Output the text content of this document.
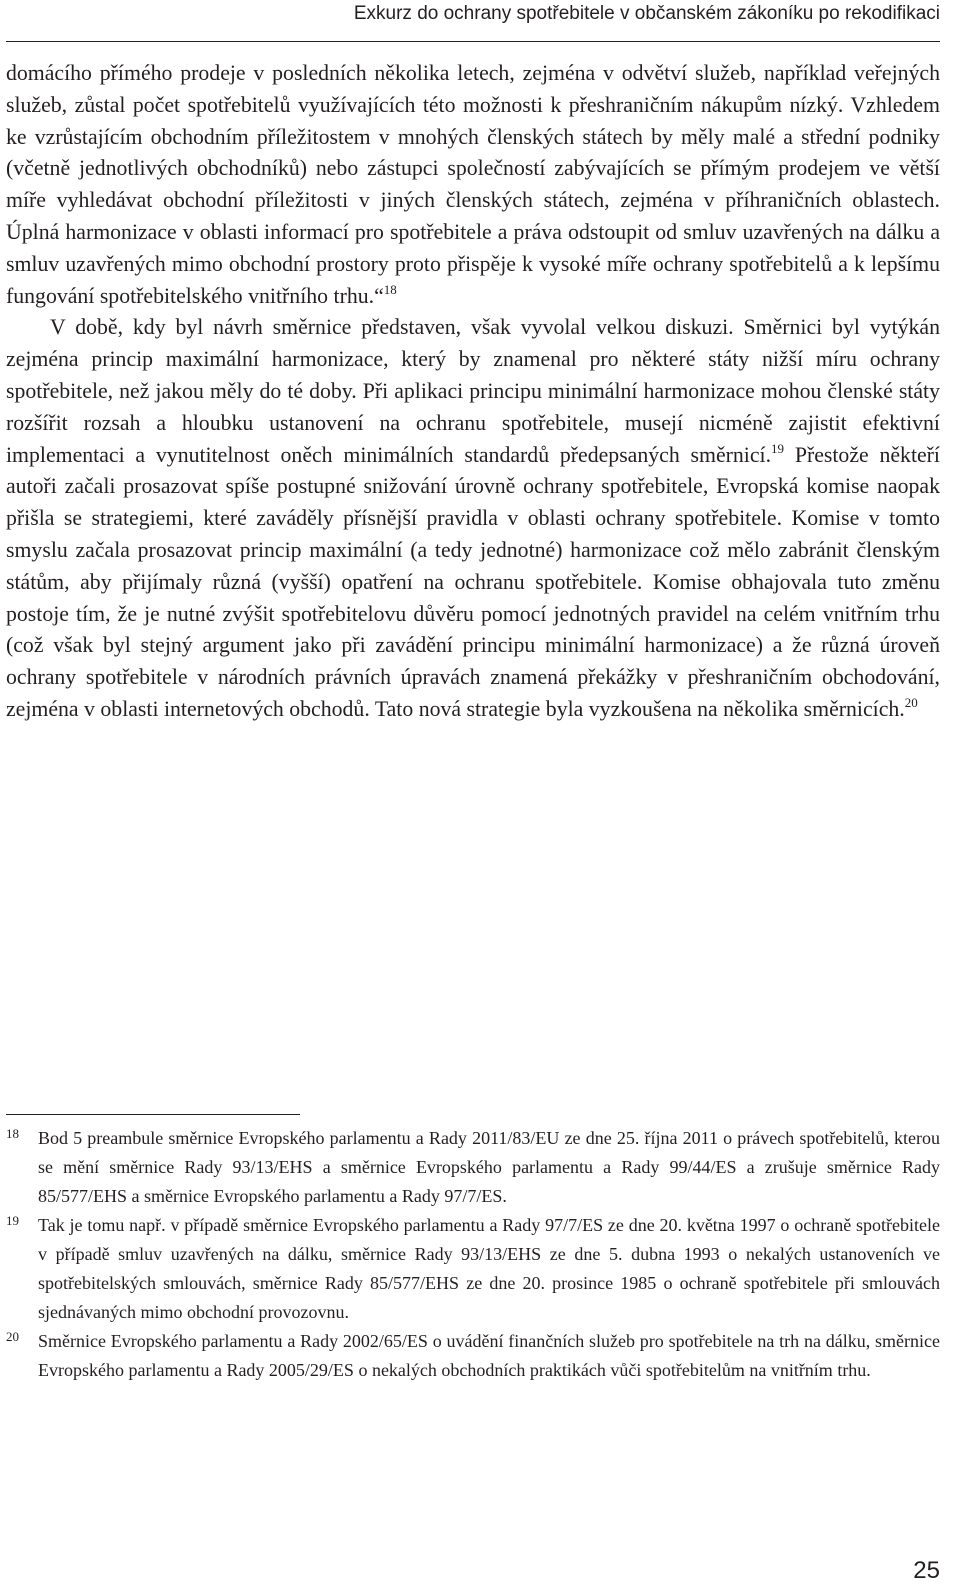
Exkurz do ochrany spotřebitele v občanském zákoníku po rekodifikaci

domácího přímého prodeje v posledních několika letech, zejména v odvětví služeb, například veřejných služeb, zůstal počet spotřebitelů využívajících této možnosti k přeshraničním nákupům nízký. Vzhledem ke vzrůstajícím obchodním příležitostem v mnohých členských státech by měly malé a střední podniky (včetně jednotlivých obchodníků) nebo zástupci společností zabývajících se přímým prodejem ve větší míře vyhledávat obchodní příležitosti v jiných členských státech, zejména v příhraničních oblastech. Úplná harmonizace v oblasti informací pro spotřebitele a práva odstoupit od smluv uzavřených na dálku a smluv uzavřených mimo obchodní prostory proto přispěje k vysoké míře ochrany spotřebitelů a k lepšímu fungování spotřebitelského vnitřního trhu.“$^{18}$

V době, kdy byl návrh směrnice představen, však vyvolal velkou diskuzi. Směrnici byl vytýkán zejména princip maximální harmonizace, který by znamenal pro některé státy nižší míru ochrany spotřebitele, než jakou měly do té doby. Při aplikaci principu minimální harmonizace mohou členské státy rozšířit rozsah a hloubku ustanovení na ochranu spotřebitele, musejí nicméně zajistit efektivní implementaci a vynutitelnost oněch minimálních standardů předepsaných směrnicí.$^{19}$ Přestože někteří autoři začali prosazovat spíše postupné snižování úrovně ochrany spotřebitele, Evropská komise naopak přišla se strategiemi, které zaváděly přísnější pravidla v oblasti ochrany spotřebitele. Komise v tomto smyslu začala prosazovat princip maximální (a tedy jednotné) harmonizace což mělo zabránit členským státům, aby přijímaly různá (vyšší) opatření na ochranu spotřebitele. Komise obhajovala tuto změnu postoje tím, že je nutné zvýšit spotřebitelovu důvěru pomocí jednotných pravidel na celém vnitřním trhu (což však byl stejný argument jako při zavádění principu minimální harmonizace) a že různá úroveň ochrany spotřebitele v národních právních úpravách znamená překážky v přeshraničním obchodování, zejména v oblasti internetových obchodů. Tato nová strategie byla vyzkoušena na několika směrnicích.$^{20}$

18 Bod 5 preambule směrnice Evropského parlamentu a Rady 2011/83/EU ze dne 25. října 2011 o právech spotřebitelů, kterou se mění směrnice Rady 93/13/EHS a směrnice Evropského parlamentu a Rady 99/44/ES a zrušuje směrnice Rady 85/577/EHS a směrnice Evropského parlamentu a Rady 97/7/ES.
19 Tak je tomu např. v případě směrnice Evropského parlamentu a Rady 97/7/ES ze dne 20. května 1997 o ochraně spotřebitele v případě smluv uzavřených na dálku, směrnice Rady 93/13/EHS ze dne 5. dubna 1993 o nekalých ustanoveních ve spotřebitelských smlouvách, směrnice Rady 85/577/EHS ze dne 20. prosince 1985 o ochraně spotřebitele při smlouvách sjednávaných mimo obchodní provozovnu.
20 Směrnice Evropského parlamentu a Rady 2002/65/ES o uvádění finančních služeb pro spotřebitele na trh na dálku, směrnice Evropského parlamentu a Rady 2005/29/ES o nekalých obchodních praktikách vůči spotřebitelům na vnitřním trhu.
25
